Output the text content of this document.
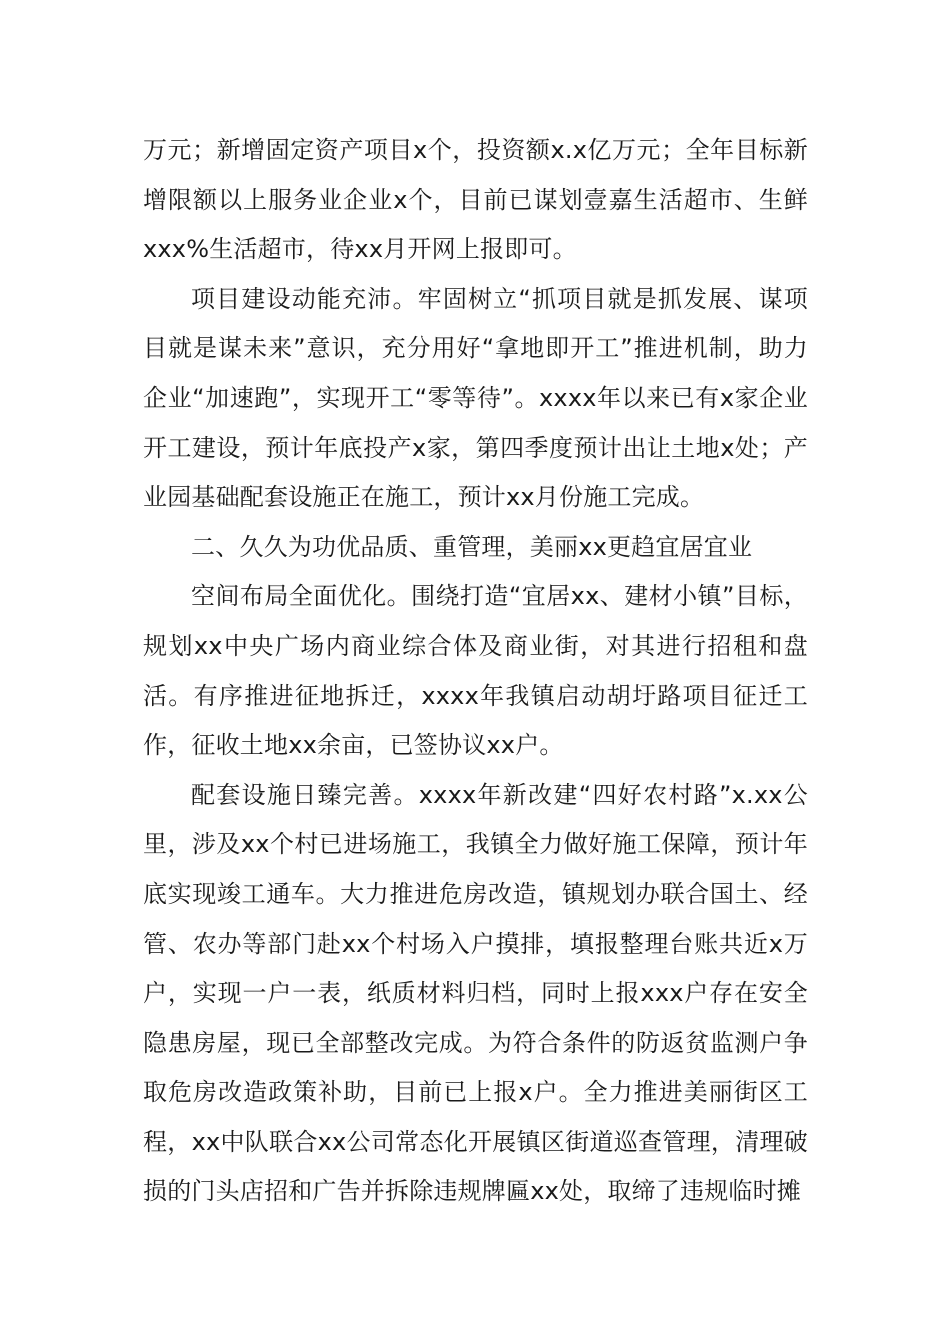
万元；新增固定资产项目x个，投资额x.x亿万元；全年目标新增限额以上服务业企业x个，目前已谋划壹嘉生活超市、生鲜xxx%生活超市，待xx月开网上报即可。

项目建设动能充沛。牢固树立“抓项目就是抓发展、谋项目就是谋未来”意识，充分用好“拿地即开工”推进机制，助力企业“加速跑”，实现开工“零等待”。xxxx年以来已有x家企业开工建设，预计年底投产x家，第四季度预计出让土地x处；产业园基础配套设施正在施工，预计xx月份施工完成。

二、久久为功优品质、重管理，美丽xx更趋宜居宜业

空间布局全面优化。围绕打造“宜居xx、建材小镇”目标，规划xx中央广场内商业综合体及商业街，对其进行招租和盘活。有序推进征地拆迁，xxxx年我镇启动胡圩路项目征迁工作，征收土地xx余亩，已签协议xx户。

配套设施日臻完善。xxxx年新改建“四好农村路”x.xx公里，涉及xx个村已进场施工，我镇全力做好施工保障，预计年底实现竣工通车。大力推进危房改造，镇规划办联合国土、经管、农办等部门赴xx个村场入户摸排，填报整理台账共近x万户，实现一户一表，纸质材料归档，同时上报xxx户存在安全隐患房屋，现已全部整改完成。为符合条件的防返贫监测户争取危房改造政策补助，目前已上报x户。全力推进美丽街区工程，xx中队联合xx公司常态化开展镇区街道巡查管理，清理破损的门头店招和广告并拆除违规牌匾xx处，取缔了违规临时摊
